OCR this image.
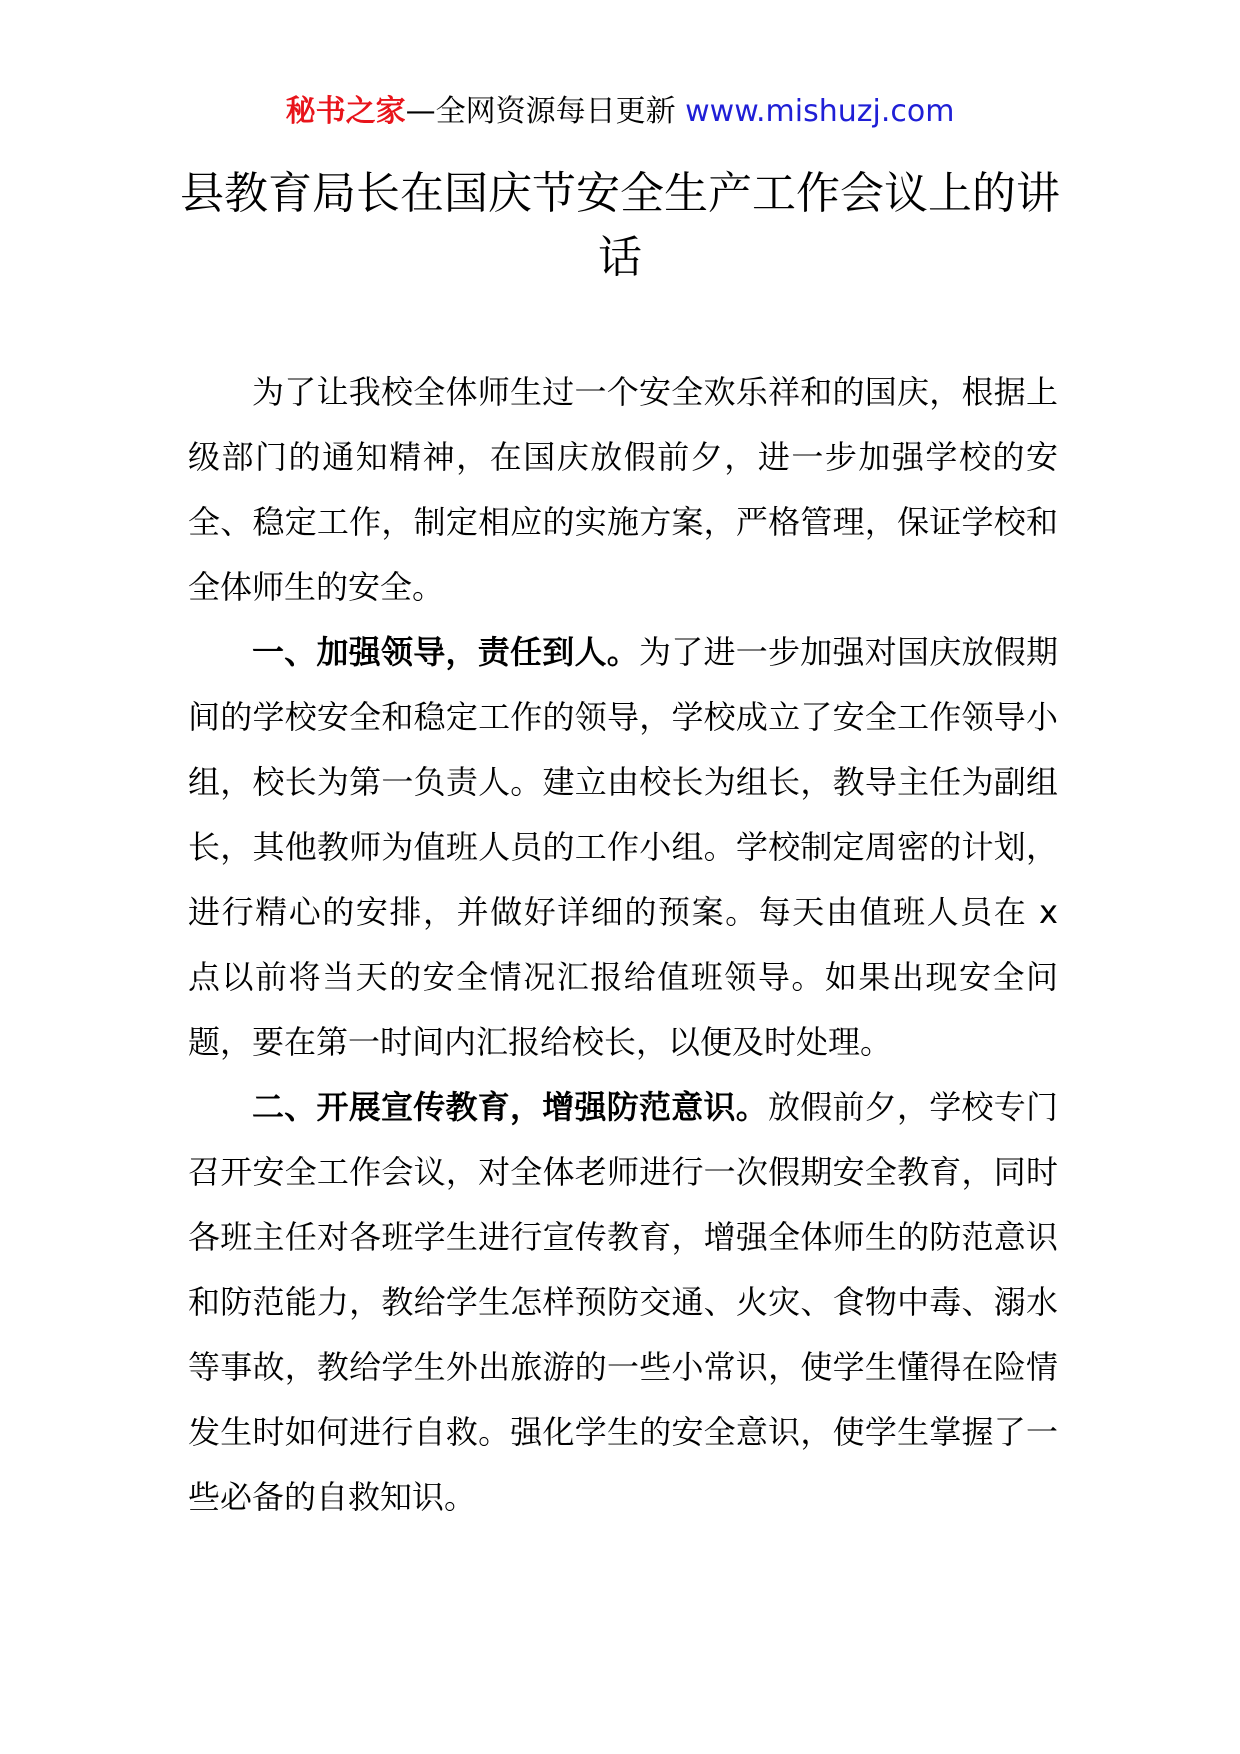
秘书之家—全网资源每日更新 www.mishuzj.com
县教育局长在国庆节安全生产工作会议上的讲话

为了让我校全体师生过一个安全欢乐祥和的国庆，根据上级部门的通知精神，在国庆放假前夕，进一步加强学校的安全、稳定工作，制定相应的实施方案，严格管理，保证学校和全体师生的安全。

一、加强领导，责任到人。为了进一步加强对国庆放假期间的学校安全和稳定工作的领导，学校成立了安全工作领导小组，校长为第一负责人。建立由校长为组长，教导主任为副组长，其他教师为值班人员的工作小组。学校制定周密的计划，进行精心的安排，并做好详细的预案。每天由值班人员在 x 点以前将当天的安全情况汇报给值班领导。如果出现安全问题，要在第一时间内汇报给校长，以便及时处理。

二、开展宣传教育，增强防范意识。放假前夕，学校专门召开安全工作会议，对全体老师进行一次假期安全教育，同时各班主任对各班学生进行宣传教育，增强全体师生的防范意识和防范能力，教给学生怎样预防交通、火灾、食物中毒、溺水等事故，教给学生外出旅游的一些小常识，使学生懂得在险情发生时如何进行自救。强化学生的安全意识，使学生掌握了一些必备的自救知识。
